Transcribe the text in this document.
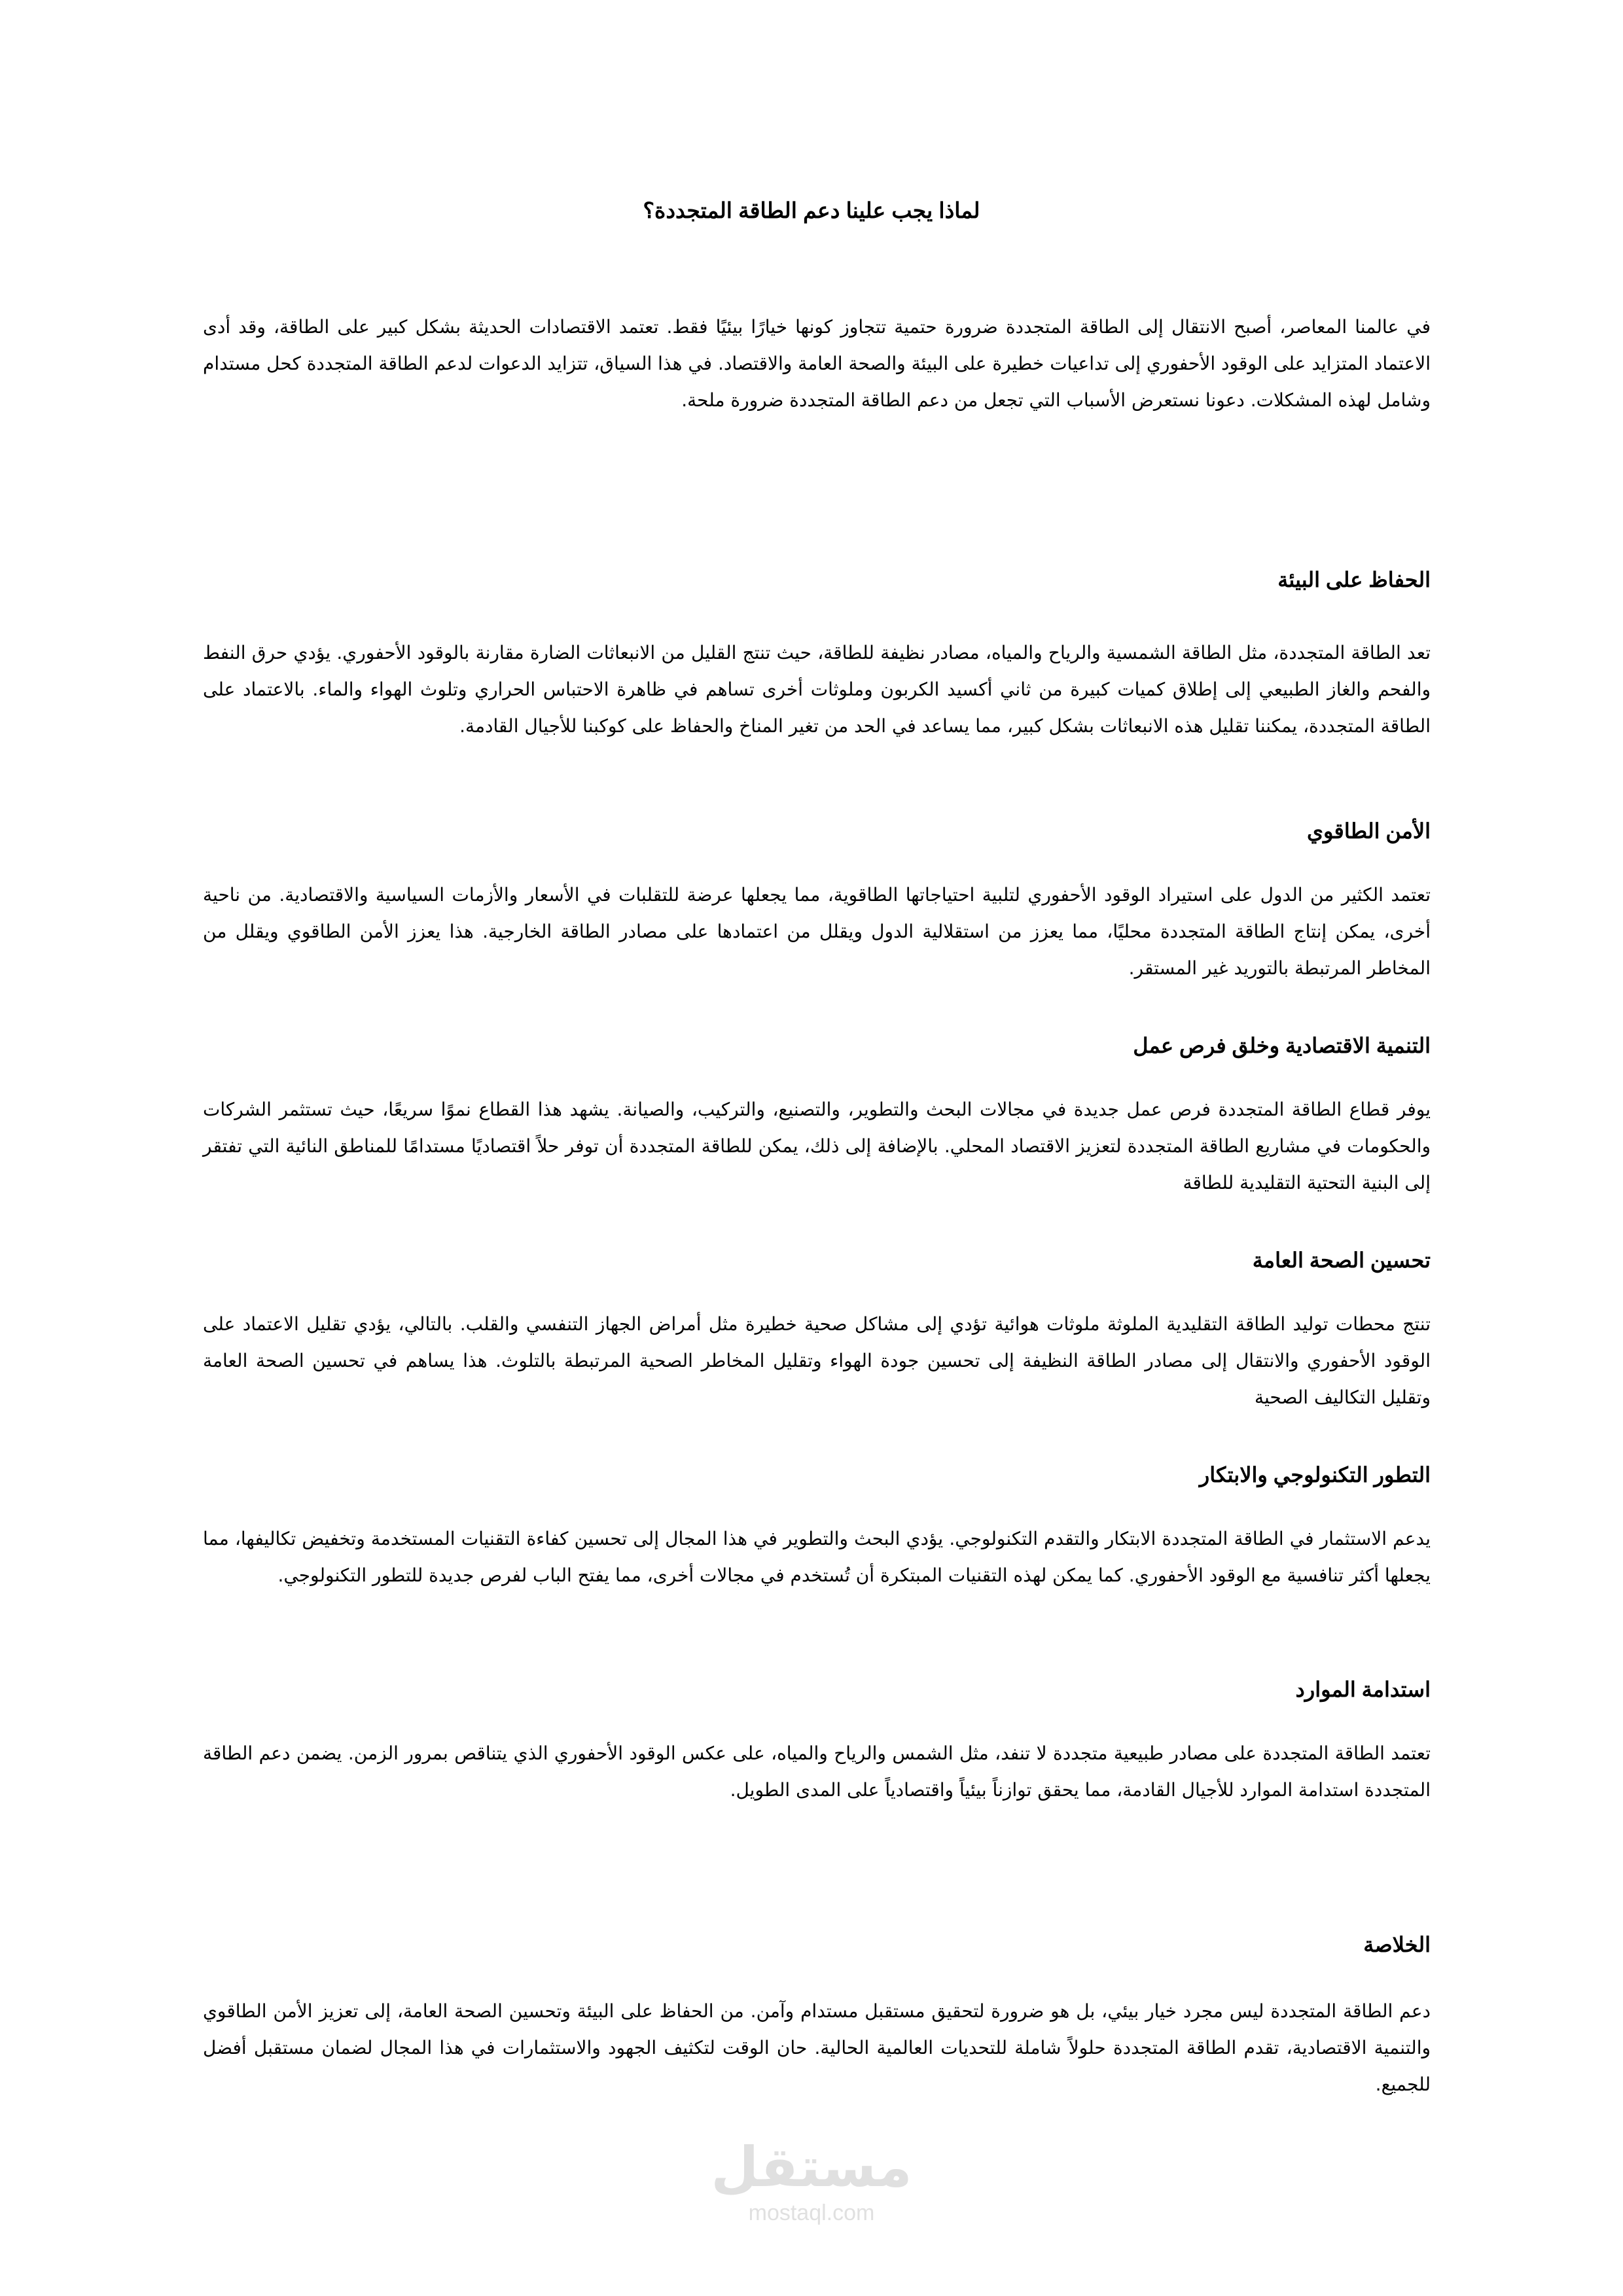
لماذا يجب علينا دعم الطاقة المتجددة؟

في عالمنا المعاصر، أصبح الانتقال إلى الطاقة المتجددة ضرورة حتمية تتجاوز كونها خيارًا بيئيًا فقط. تعتمد الاقتصادات الحديثة بشكل كبير على الطاقة، وقد أدى الاعتماد المتزايد على الوقود الأحفوري إلى تداعيات خطيرة على البيئة والصحة العامة والاقتصاد. في هذا السياق، تتزايد الدعوات لدعم الطاقة المتجددة كحل مستدام وشامل لهذه المشكلات. دعونا نستعرض الأسباب التي تجعل من دعم الطاقة المتجددة ضرورة ملحة.

الحفاظ على البيئة

تعد الطاقة المتجددة، مثل الطاقة الشمسية والرياح والمياه، مصادر نظيفة للطاقة، حيث تنتج القليل من الانبعاثات الضارة مقارنة بالوقود الأحفوري. يؤدي حرق النفط والفحم والغاز الطبيعي إلى إطلاق كميات كبيرة من ثاني أكسيد الكربون وملوثات أخرى تساهم في ظاهرة الاحتباس الحراري وتلوث الهواء والماء. بالاعتماد على الطاقة المتجددة، يمكننا تقليل هذه الانبعاثات بشكل كبير، مما يساعد في الحد من تغير المناخ والحفاظ على كوكبنا للأجيال القادمة.

الأمن الطاقوي

تعتمد الكثير من الدول على استيراد الوقود الأحفوري لتلبية احتياجاتها الطاقوية، مما يجعلها عرضة للتقلبات في الأسعار والأزمات السياسية والاقتصادية. من ناحية أخرى، يمكن إنتاج الطاقة المتجددة محليًا، مما يعزز من استقلالية الدول ويقلل من اعتمادها على مصادر الطاقة الخارجية. هذا يعزز الأمن الطاقوي ويقلل من المخاطر المرتبطة بالتوريد غير المستقر.

التنمية الاقتصادية وخلق فرص عمل

يوفر قطاع الطاقة المتجددة فرص عمل جديدة في مجالات البحث والتطوير، والتصنيع، والتركيب، والصيانة. يشهد هذا القطاع نموًا سريعًا، حيث تستثمر الشركات والحكومات في مشاريع الطاقة المتجددة لتعزيز الاقتصاد المحلي. بالإضافة إلى ذلك، يمكن للطاقة المتجددة أن توفر حلاً اقتصاديًا مستدامًا للمناطق النائية التي تفتقر إلى البنية التحتية التقليدية للطاقة

تحسين الصحة العامة

تنتج محطات توليد الطاقة التقليدية الملوثة ملوثات هوائية تؤدي إلى مشاكل صحية خطيرة مثل أمراض الجهاز التنفسي والقلب. بالتالي، يؤدي تقليل الاعتماد على الوقود الأحفوري والانتقال إلى مصادر الطاقة النظيفة إلى تحسين جودة الهواء وتقليل المخاطر الصحية المرتبطة بالتلوث. هذا يساهم في تحسين الصحة العامة وتقليل التكاليف الصحية

التطور التكنولوجي والابتكار

يدعم الاستثمار في الطاقة المتجددة الابتكار والتقدم التكنولوجي. يؤدي البحث والتطوير في هذا المجال إلى تحسين كفاءة التقنيات المستخدمة وتخفيض تكاليفها، مما يجعلها أكثر تنافسية مع الوقود الأحفوري. كما يمكن لهذه التقنيات المبتكرة أن تُستخدم في مجالات أخرى، مما يفتح الباب لفرص جديدة للتطور التكنولوجي.

استدامة الموارد

تعتمد الطاقة المتجددة على مصادر طبيعية متجددة لا تنفد، مثل الشمس والرياح والمياه، على عكس الوقود الأحفوري الذي يتناقص بمرور الزمن. يضمن دعم الطاقة المتجددة استدامة الموارد للأجيال القادمة، مما يحقق توازناً بيئياً واقتصادياً على المدى الطويل.

الخلاصة

دعم الطاقة المتجددة ليس مجرد خيار بيئي، بل هو ضرورة لتحقيق مستقبل مستدام وآمن. من الحفاظ على البيئة وتحسين الصحة العامة، إلى تعزيز الأمن الطاقوي والتنمية الاقتصادية، تقدم الطاقة المتجددة حلولاً شاملة للتحديات العالمية الحالية. حان الوقت لتكثيف الجهود والاستثمارات في هذا المجال لضمان مستقبل أفضل للجميع.

مستقل
mostaql.com
